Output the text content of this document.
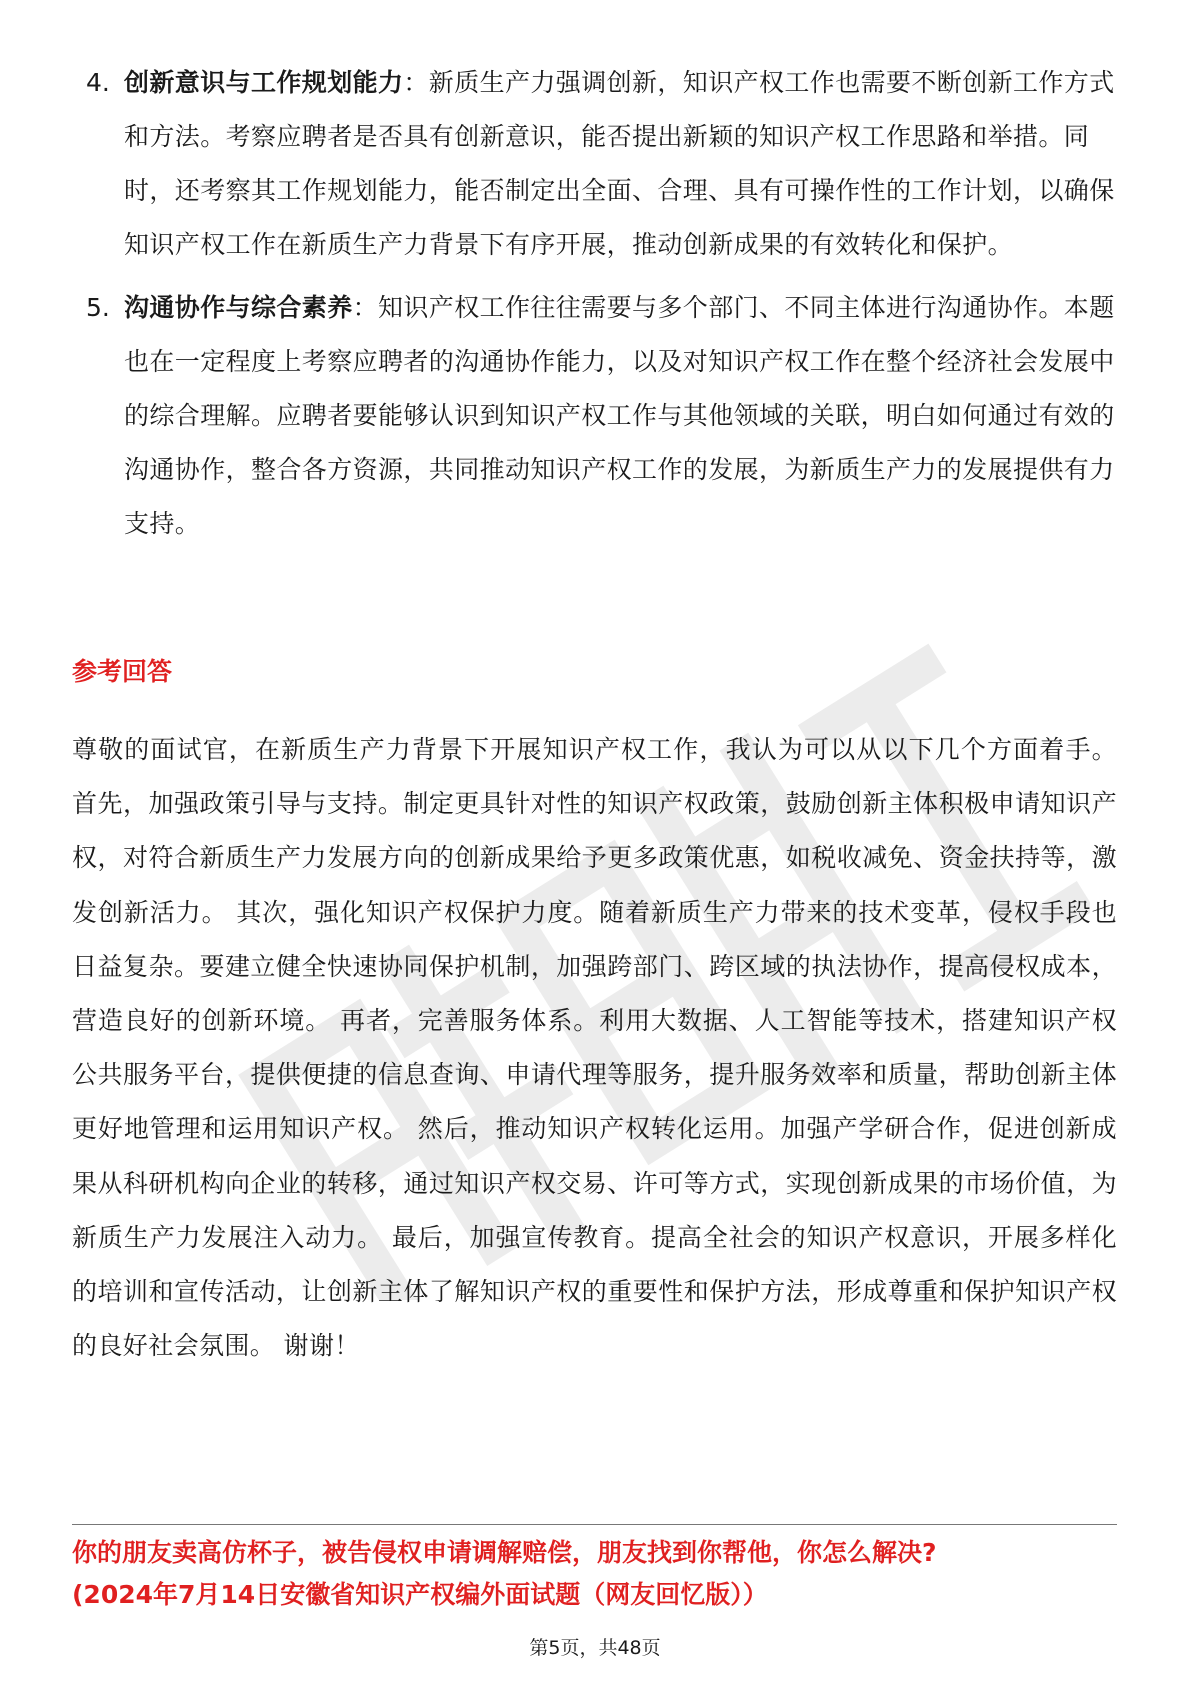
4. 创新意识与工作规划能力：新质生产力强调创新，知识产权工作也需要不断创新工作方式和方法。考察应聘者是否具有创新意识，能否提出新颖的知识产权工作思路和举措。同时，还考察其工作规划能力，能否制定出全面、合理、具有可操作性的工作计划，以确保知识产权工作在新质生产力背景下有序开展，推动创新成果的有效转化和保护。

5. 沟通协作与综合素养：知识产权工作往往需要与多个部门、不同主体进行沟通协作。本题也在一定程度上考察应聘者的沟通协作能力，以及对知识产权工作在整个经济社会发展中的综合理解。应聘者要能够认识到知识产权工作与其他领域的关联，明白如何通过有效的沟通协作，整合各方资源，共同推动知识产权工作的发展，为新质生产力的发展提供有力支持。

参考回答

尊敬的面试官，在新质生产力背景下开展知识产权工作，我认为可以从以下几个方面着手。 首先，加强政策引导与支持。制定更具针对性的知识产权政策，鼓励创新主体积极申请知识产权，对符合新质生产力发展方向的创新成果给予更多政策优惠，如税收减免、资金扶持等，激发创新活力。 其次，强化知识产权保护力度。随着新质生产力带来的技术变革，侵权手段也日益复杂。要建立健全快速协同保护机制，加强跨部门、跨区域的执法协作，提高侵权成本，营造良好的创新环境。 再者，完善服务体系。利用大数据、人工智能等技术，搭建知识产权公共服务平台，提供便捷的信息查询、申请代理等服务，提升服务效率和质量，帮助创新主体更好地管理和运用知识产权。 然后，推动知识产权转化运用。加强产学研合作，促进创新成果从科研机构向企业的转移，通过知识产权交易、许可等方式，实现创新成果的市场价值，为新质生产力发展注入动力。 最后，加强宣传教育。提高全社会的知识产权意识，开展多样化的培训和宣传活动，让创新主体了解知识产权的重要性和保护方法，形成尊重和保护知识产权的良好社会氛围。 谢谢！

你的朋友卖高仿杯子，被告侵权申请调解赔偿，朋友找到你帮他，你怎么解决?
(2024年7月14日安徽省知识产权编外面试题（网友回忆版））
第5页，共48页
